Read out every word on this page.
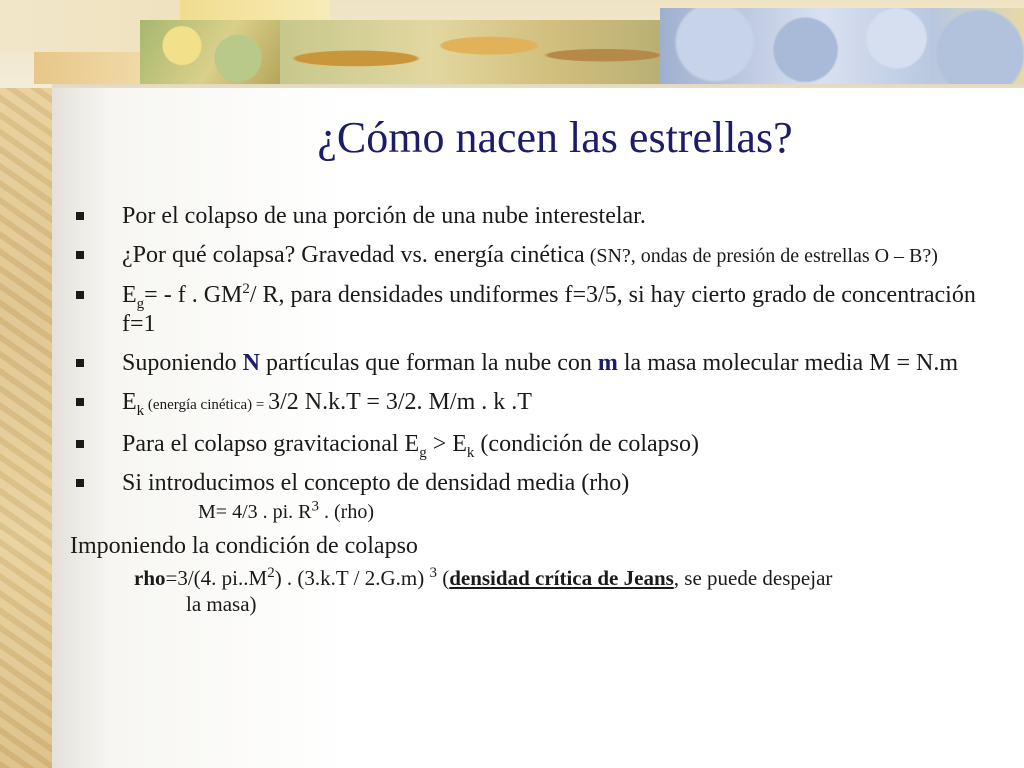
¿Cómo nacen las estrellas?
Por el colapso de una porción de una nube interestelar.
¿Por qué colapsa? Gravedad vs. energía cinética (SN?, ondas de presión de estrellas O – B?)
$E_g= - f$ . $GM^2/$ R, para densidades undiformes f=3/5, si hay cierto grado de concentración f=1
Suponiendo N partículas que forman la nube con m la masa molecular media M = N.m
$E_k$ (energía cinética) = 3/2 N.k.T = 3/2. M/m . k .T
Para el colapso gravitacional $E_g > E_k$ (condición de colapso)
Si introducimos el concepto de densidad media (rho)
M= 4/3 . pi. $R^3$ . (rho)
Imponiendo la condición de colapso
rho=3/(4. $pi..M^2$) . (3.k.T / 2.G.m) $^3$ (densidad crítica de Jeans, se puede despejar
la masa)
